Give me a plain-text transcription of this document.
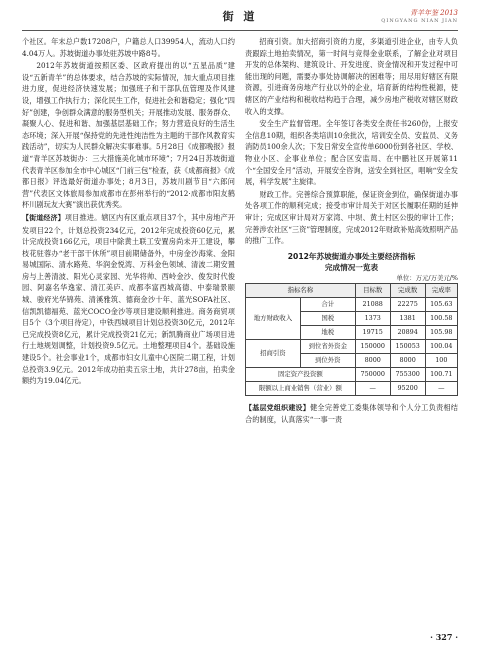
街 道	青羊年鉴 2013
QINGYANG NIAN JIAN

个社区。年末总户数17208户，户籍总人口39954人，流动人口约4.04万人。苏坡街道办事处驻苏坡中路8号。

2012年苏坡街道按照区委、区政府提出的以“五星品质”建设“五新青羊”的总体要求，结合苏坡的实际情况，加大重点项目推进力度，促进经济快速发展；加强班子和干部队伍管理及作风建设，增强工作执行力；深化民生工作，促进社会和谐稳定；强化“四好”创建，争创群众满意的服务型机关；开展推动发展、服务群众、凝聚人心、促进和谐、加强基层基础工作；努力营造良好的生活生态环境；深入开展“保持党的先进性纯洁性为主题的干部作风教育实践活动”，切实为人民群众解决实事难事。5月28日《成都晚报》报道“青羊区苏坡街办：三大措施美化城市环境”；7月24日苏坡街道代表青羊区参加全市中心城区“门前三包”检查，获《成都商报》《成都日报》评选最好街道办事处；8月3日，苏坡川剧节目“六郎问营”代表区文体旅局参加成都市在彭州举行的“2012·成都市阳友鹤杯川剧玩友大赛”演出获优秀奖。

【街道经济】项目推进。辖区内有区重点项目37个，其中房地产开发项目22个，计划总投资234亿元，2012年完成投资60亿元，累计完成投资166亿元，项目中除黄土联工安置房尚未开工建设，攀枝花驻蓉办“老干部干休所”项目前期储备外，中房金沙海棠、金阳易城国际、清水路苑、华润金悦湾、万科金色领域、清波二期安置房与上善清波、阳光心灵家园、光华将帅、西岭金沙、俊发时代俊园、阿嘉名华逸家、清江美庐、成都李富西城高德、中泰瑞景颐城、骏府光华锦苑、清溪雅筑、德商金沙十年、蓝光SOFA社区、信凯凯德福苑、蓝光COCO金沙等项目建设顺利推进。商务商贸项目5个（3个项目待定），中铁西城项目计划总投资30亿元，2012年已完成投资8亿元，累计完成投资21亿元；新凯腾商业广场项目进行土地规划调整，计划投资9.5亿元。土地整理项目4个。基础设施建设5个。社会事业1个，成都市妇女儿童中心医院二期工程，计划总投资3.9亿元。2012年成功拍卖五宗土地，共计278亩，拍卖金额约为19.04亿元。

招商引资。加大招商引资的力度，多渠道引进企业，由专人负责跟踪土地拍卖情况，第一时间与竞得金业联系，了解企业对项目开发的总体架构、建筑设计、开发进度、资金情况和开发过程中可能出现的问题，需要办事处协调解决的困难等；用尽用好辖区有限资源，引进商务房地产行业以外的企业，培育新的结构性税源，使辖区的产业结构和税收结构趋于合理，减少房地产税收对辖区财政收入的支撑。

安全生产监督管理。全年签订各类安全责任书260份，上报安全信息10期，组织各类培训10余批次，培训安全员、安监员、义务消防员100余人次；下发日常安全宣传单6000份到各社区、学校、物业小区、企事业单位；配合区安监局、在中鹏社区开展第11个“全国安全月”活动，开展安全咨询，送安全到社区，唱响“安全发展，科学发展”主旋律。

财政工作。完善综合预算职能，保证资金到位，确保街道办事处各项工作的顺利完成；接受市审计局关于对区长履职任期的延伸审计；完成区审计局对万家湾、中坝、黄土村区公股的审计工作；完善涉农社区“三资”管理制度，完成2012年财政补贴高效照明产品的推广工作。

2012年苏坡街道办事处主要经济指标
完成情况一览表
单位：万元/万美元/%
指标名称		目标数	完成数	完成率
地方财政收入	合计	21088	22275	105.63
	国税	1373	1381	100.58
	地税	19715	20894	105.98
招商引资	到位省外资金	150000	150053	100.04
	到位外资	8000	8000	100
固定资产投资额		750000	755300	100.71
限额以上商业销售（营业）额		—	95200	—

【基层党组织建设】健全完善党工委集体领导和个人分工负责相结合的制度，认真落实“一事一责

· 327 ·
